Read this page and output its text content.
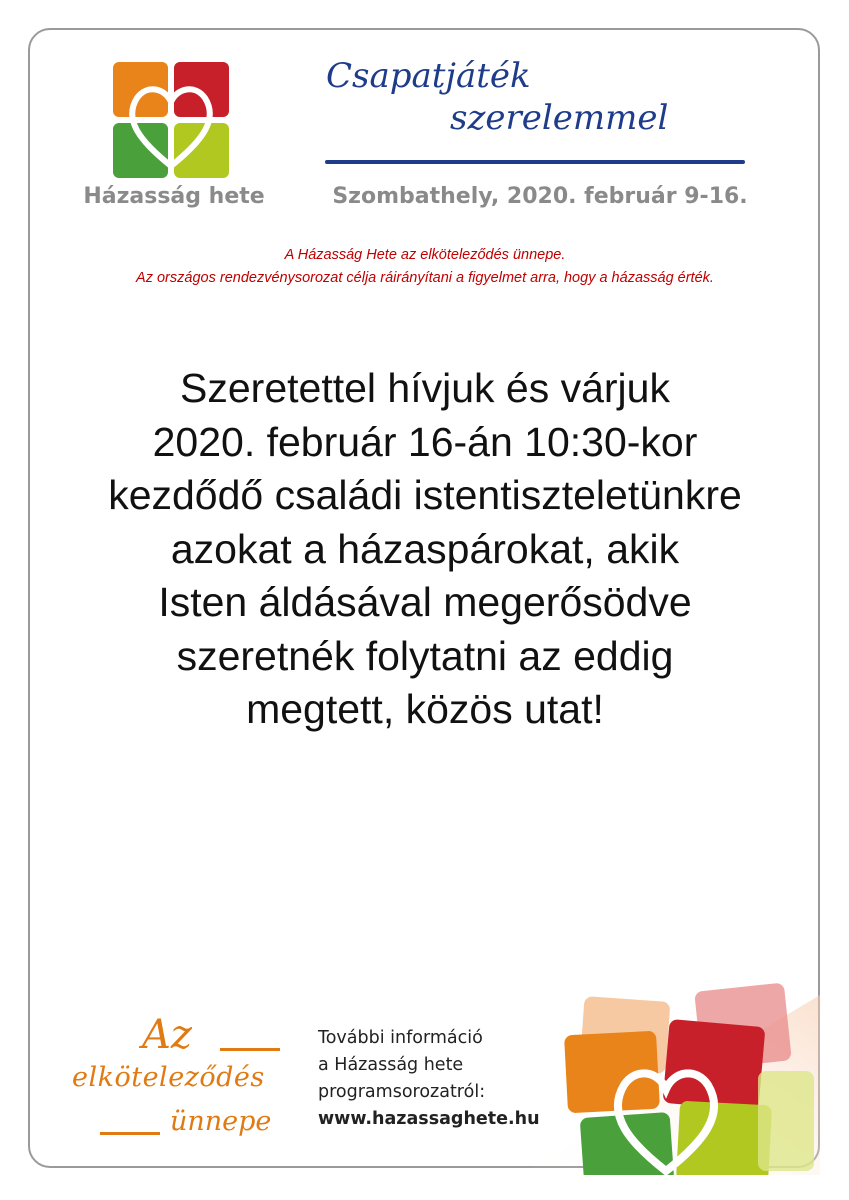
Házasság hete
Csapatjáték
szerelemmel
Szombathely, 2020. február 9-16.
A Házasság Hete az elköteleződés ünnepe.
Az országos rendezvénysorozat célja ráirányítani a figyelmet arra, hogy a házasság érték.
Szeretettel hívjuk és várjuk
2020. február 16-án 10:30-kor
kezdődő családi istentiszteletünkre
azokat a házaspárokat, akik
Isten áldásával megerősödve
szeretnék folytatni az eddig
megtett, közös utat!
Az
elköteleződés
ünnepe
További információ
a Házasság hete
programsorozatról:
www.hazassaghete.hu
